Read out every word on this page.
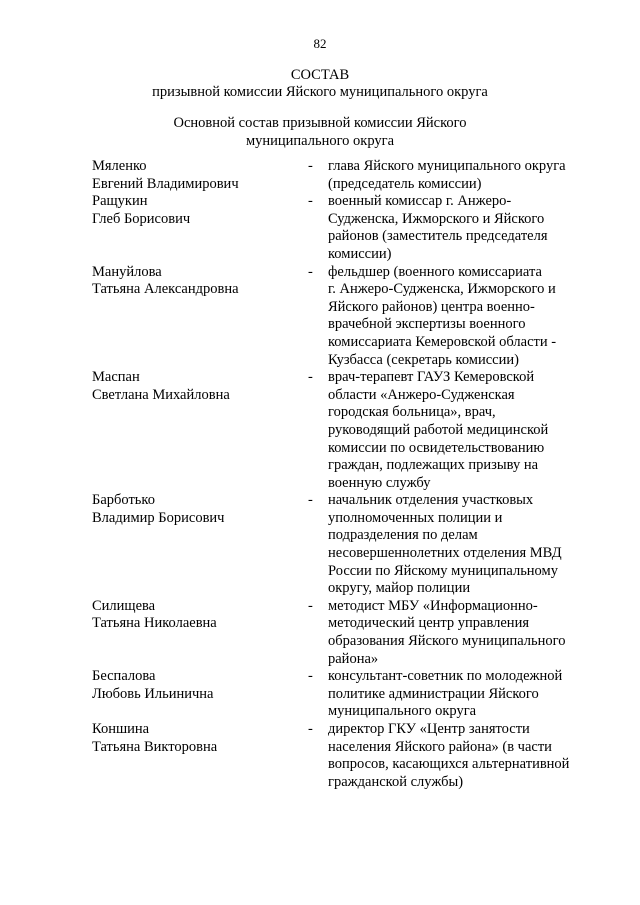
82
СОСТАВ
призывной комиссии Яйского муниципального округа
Основной состав призывной комиссии Яйского
муниципального округа
Мяленко
Евгений Владимирович
-	глава Яйского муниципального округа
(председатель комиссии)
Ращукин
Глеб Борисович
-	военный комиссар г. Анжеро-
Судженска, Ижморского и Яйского
районов (заместитель председателя
комиссии)
Мануйлова
Татьяна Александровна
-	фельдшер (военного комиссариата
г. Анжеро-Судженска, Ижморского и
Яйского районов) центра военно-
врачебной экспертизы военного
комиссариата Кемеровской области -
Кузбасса (секретарь комиссии)
Маспан
Светлана Михайловна
-	врач-терапевт ГАУЗ Кемеровской
области «Анжеро-Судженская
городская больница», врач,
руководящий работой медицинской
комиссии по освидетельствованию
граждан, подлежащих призыву на
военную службу
Барботько
Владимир Борисович
-	начальник отделения участковых
уполномоченных полиции и
подразделения по делам
несовершеннолетних отделения МВД
России по Яйскому муниципальному
округу, майор полиции
Силищева
Татьяна Николаевна
-	методист МБУ «Информационно-
методический центр управления
образования Яйского муниципального
района»
Беспалова
Любовь Ильинична
-	консультант-советник по молодежной
политике администрации Яйского
муниципального округа
Коншина
Татьяна Викторовна
-	директор ГКУ «Центр занятости
населения Яйского района» (в части
вопросов, касающихся альтернативной
гражданской службы)
